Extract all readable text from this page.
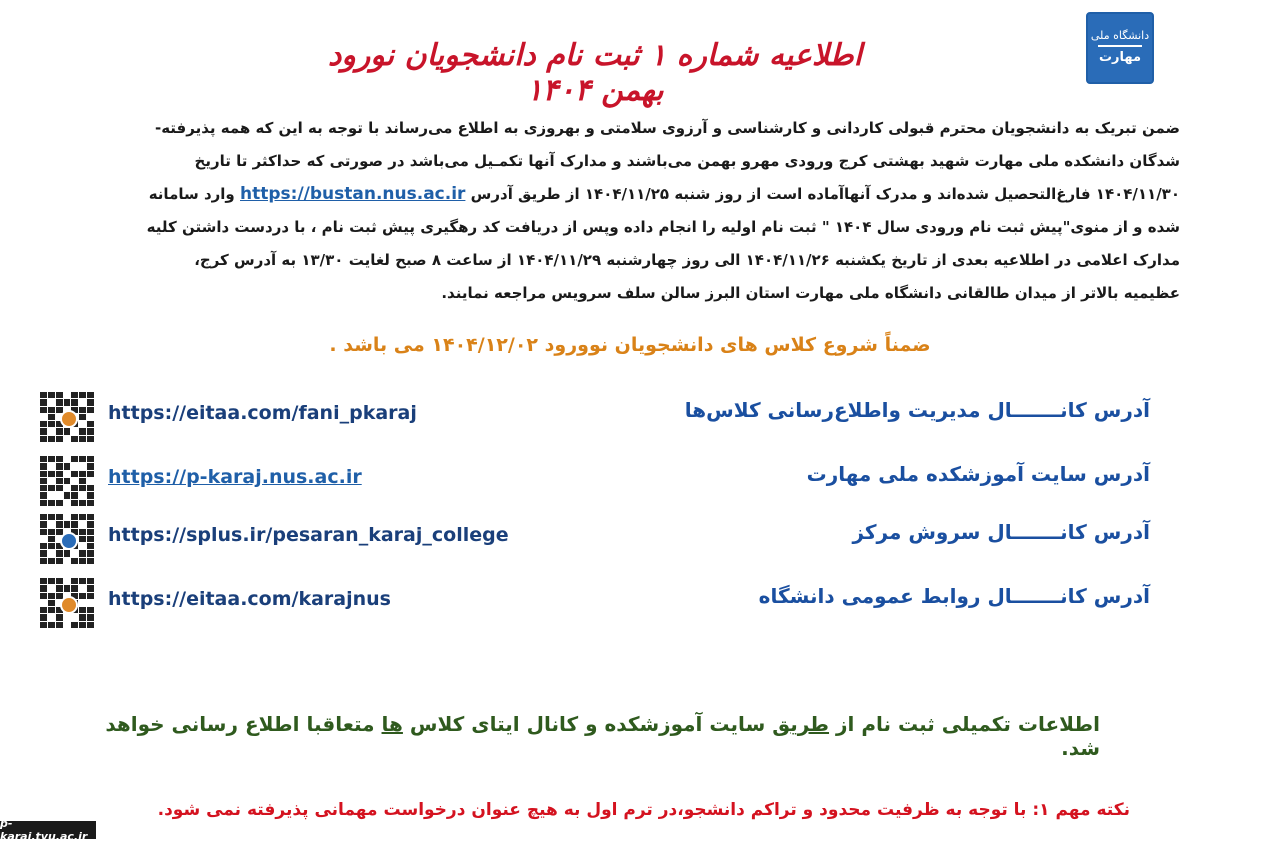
دانشگاه ملی
مهارت
اطلاعیه شماره ۱ ثبت نام دانشجویان نورود بهمن ۱۴۰۴

ضمن تبریک به دانشجویان محترم قبولی کاردانی و کارشناسی و آرزوی سلامتی و بهروزی به اطلاع می‌رساند با توجه به این که همه پذیرفته-

شدگان دانشکده ملی مهارت شهید بهشتی کرج ورودی مهرو بهمن می‌باشند و مدارک آنها تکمـیل می‌باشد در صورتی که حداکثر تا تاریخ

۱۴۰۴/۱۱/۳۰ فارغ‌التحصیل شده‌اند و مدرک آنهاآماده است از روز شنبه ۱۴۰۴/۱۱/۲۵ از طریق آدرس https://bustan.nus.ac.ir وارد سامانه

شده و از منوی"پیش ثبت نام ورودی سال ۱۴۰۴ " ثبت نام اولیه را انجام داده وپس از دریافت کد رهگیری پیش ثبت نام ، با دردست داشتن کلیه

مدارک اعلامی در اطلاعیه بعدی از تاریخ یکشنبه ۱۴۰۴/۱۱/۲۶ الی روز چهارشنبه ۱۴۰۴/۱۱/۲۹ از ساعت ۸ صبح لغایت ۱۳/۳۰ به آدرس کرج،

عظیمیه بالاتر از میدان طالقانی دانشگاه ملی مهارت استان البرز سالن سلف سرویس مراجعه نمایند.

ضمناً شروع کلاس های دانشجویان نوورود ۱۴۰۴/۱۲/۰۲ می باشد .
https://eitaa.com/fani_pkaraj	آدرس کانـــــــال مدیریت واطلاع‌رسانی کلاس‌ها
https://p-karaj.nus.ac.ir	آدرس سایت آموزشکده ملی مهارت
https://splus.ir/pesaran_karaj_college	آدرس کانـــــــال سروش مرکز
https://eitaa.com/karajnus	آدرس کانـــــــال روابط عمومی دانشگاه
اطلاعات تکمیلی ثبت نام از طریق سایت آموزشکده و کانال ایتای کلاس ها متعاقبا اطلاع رسانی خواهد شد.
نکته مهم ۱: با توجه به ظرفیت محدود و تراکم دانشجو،در ترم اول به هیچ عنوان درخواست مهمانی پذیرفته نمی شود.
p-karaj.tvu.ac.ir
